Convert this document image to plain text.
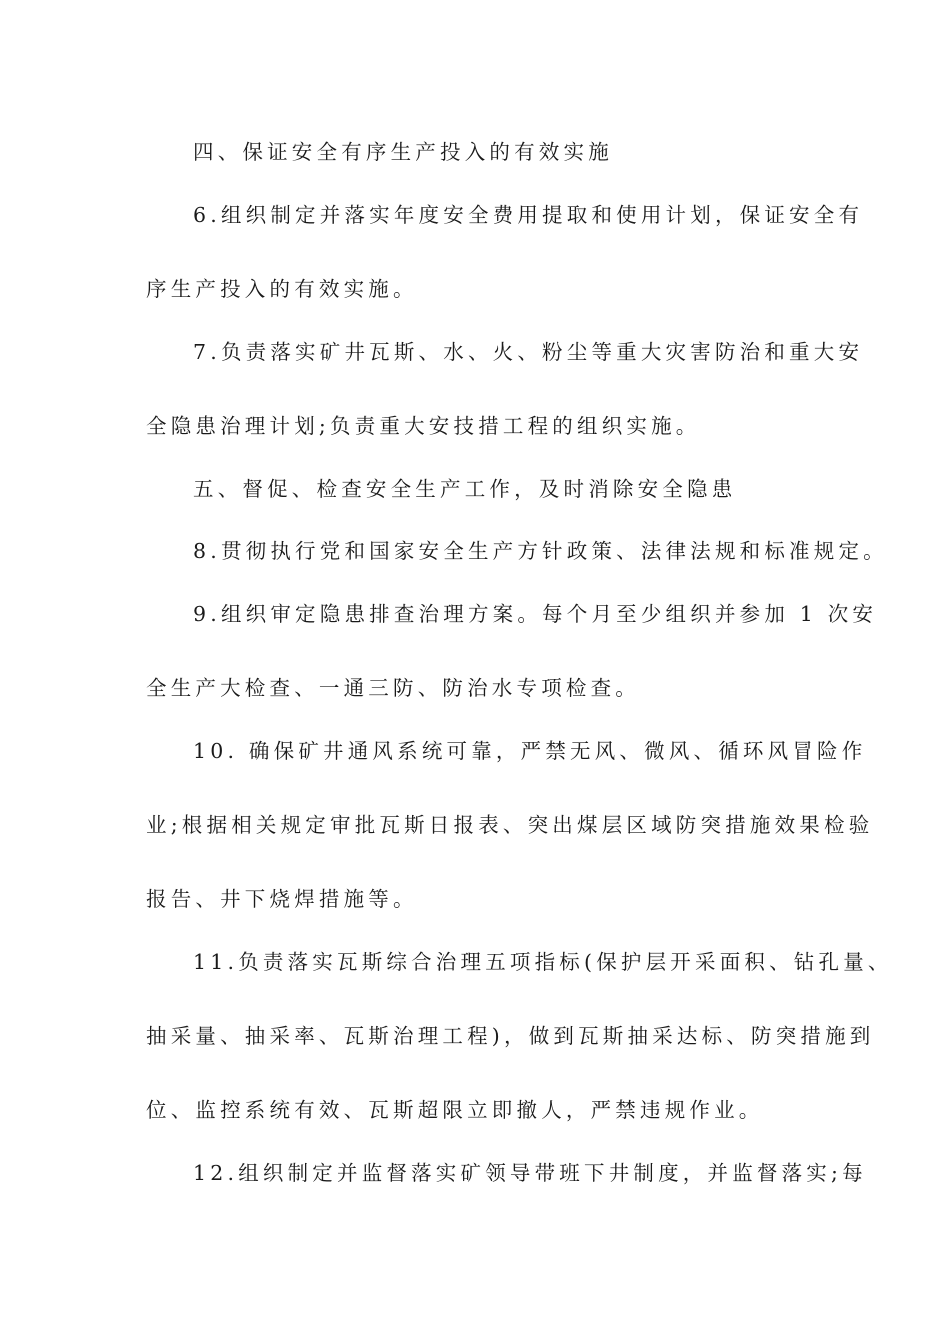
四、保证安全有序生产投入的有效实施
6.组织制定并落实年度安全费用提取和使用计划，保证安全有
序生产投入的有效实施。
7.负责落实矿井瓦斯、水、火、粉尘等重大灾害防治和重大安
全隐患治理计划;负责重大安技措工程的组织实施。
五、督促、检查安全生产工作，及时消除安全隐患
8.贯彻执行党和国家安全生产方针政策、法律法规和标准规定。
9.组织审定隐患排查治理方案。每个月至少组织并参加 1 次安
全生产大检查、一通三防、防治水专项检查。
10. 确保矿井通风系统可靠，严禁无风、微风、循环风冒险作
业;根据相关规定审批瓦斯日报表、突出煤层区域防突措施效果检验
报告、井下烧焊措施等。
11.负责落实瓦斯综合治理五项指标(保护层开采面积、钻孔量、
抽采量、抽采率、瓦斯治理工程)，做到瓦斯抽采达标、防突措施到
位、监控系统有效、瓦斯超限立即撤人，严禁违规作业。
12.组织制定并监督落实矿领导带班下井制度，并监督落实;每
